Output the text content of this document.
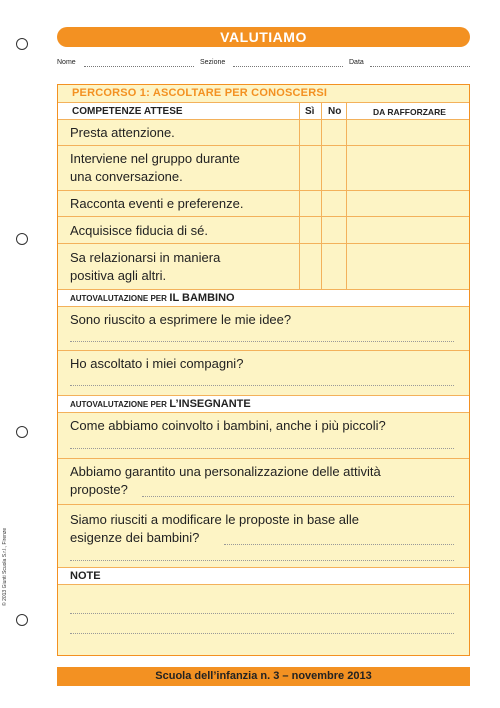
VALUTIAMO
Nome	Sezione	Data
PERCORSO 1: ASCOLTARE PER CONOSCERSI
COMPETENZE ATTESE	Sì No	DA RAFFORZARE
Presta attenzione.
Interviene nel gruppo durante
una conversazione.
Racconta eventi e preferenze.
Acquisisce fiducia di sé.
Sa relazionarsi in maniera
positiva agli altri.
AUTOVALUTAZIONE PER IL BAMBINO
Sono riuscito a esprimere le mie idee?
Ho ascoltato i miei compagni?
AUTOVALUTAZIONE PER L’INSEGNANTE
Come abbiamo coinvolto i bambini, anche i più piccoli?
Abbiamo garantito una personalizzazione delle attività
proposte?
Siamo riusciti a modificare le proposte in base alle
esigenze dei bambini?
NOTE
Scuola dell’infanzia n. 3 – novembre 2013
© 2013 Giunti Scuola S.r.l., Firenze
